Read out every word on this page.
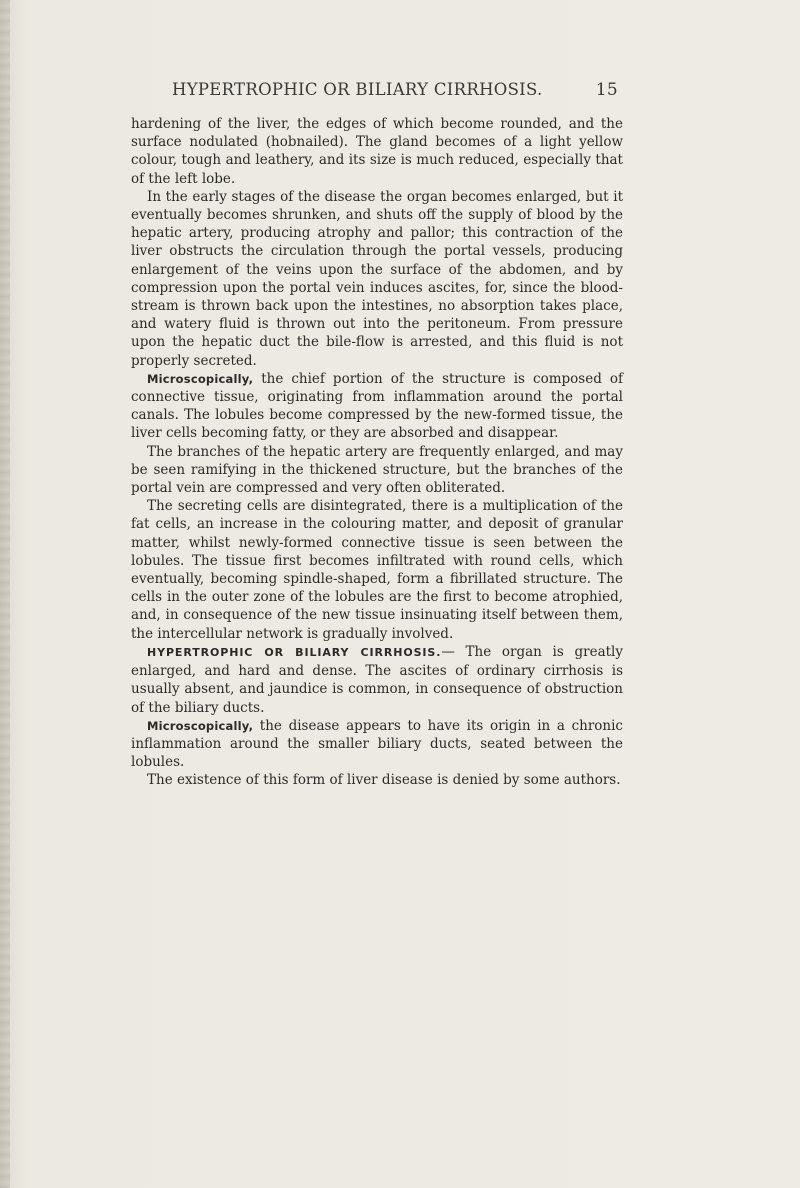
HYPERTROPHIC OR BILIARY CIRRHOSIS.	15

hardening of the liver, the edges of which become rounded, and the surface nodulated (hobnailed). The gland becomes of a light yellow colour, tough and leathery, and its size is much reduced, especially that of the left lobe.

In the early stages of the disease the organ becomes enlarged, but it eventually becomes shrunken, and shuts off the supply of blood by the hepatic artery, producing atrophy and pallor; this contraction of the liver obstructs the circulation through the portal vessels, producing enlargement of the veins upon the surface of the abdomen, and by compression upon the portal vein induces ascites, for, since the blood-stream is thrown back upon the intestines, no absorption takes place, and watery fluid is thrown out into the peritoneum. From pressure upon the hepatic duct the bile-flow is arrested, and this fluid is not properly secreted.

Microscopically, the chief portion of the structure is composed of connective tissue, originating from inflammation around the portal canals. The lobules become compressed by the new-formed tissue, the liver cells becoming fatty, or they are absorbed and disappear.

The branches of the hepatic artery are frequently enlarged, and may be seen ramifying in the thickened structure, but the branches of the portal vein are compressed and very often obliterated.

The secreting cells are disintegrated, there is a multiplication of the fat cells, an increase in the colouring matter, and deposit of granular matter, whilst newly-formed connective tissue is seen between the lobules. The tissue first becomes infiltrated with round cells, which eventually, becoming spindle-shaped, form a fibrillated structure. The cells in the outer zone of the lobules are the first to become atrophied, and, in consequence of the new tissue insinuating itself between them, the intercellular network is gradually involved.

HYPERTROPHIC OR BILIARY CIRRHOSIS.— The organ is greatly enlarged, and hard and dense. The ascites of ordinary cirrhosis is usually absent, and jaundice is common, in consequence of obstruction of the biliary ducts.

Microscopically, the disease appears to have its origin in a chronic inflammation around the smaller biliary ducts, seated between the lobules.

The existence of this form of liver disease is denied by some authors.
